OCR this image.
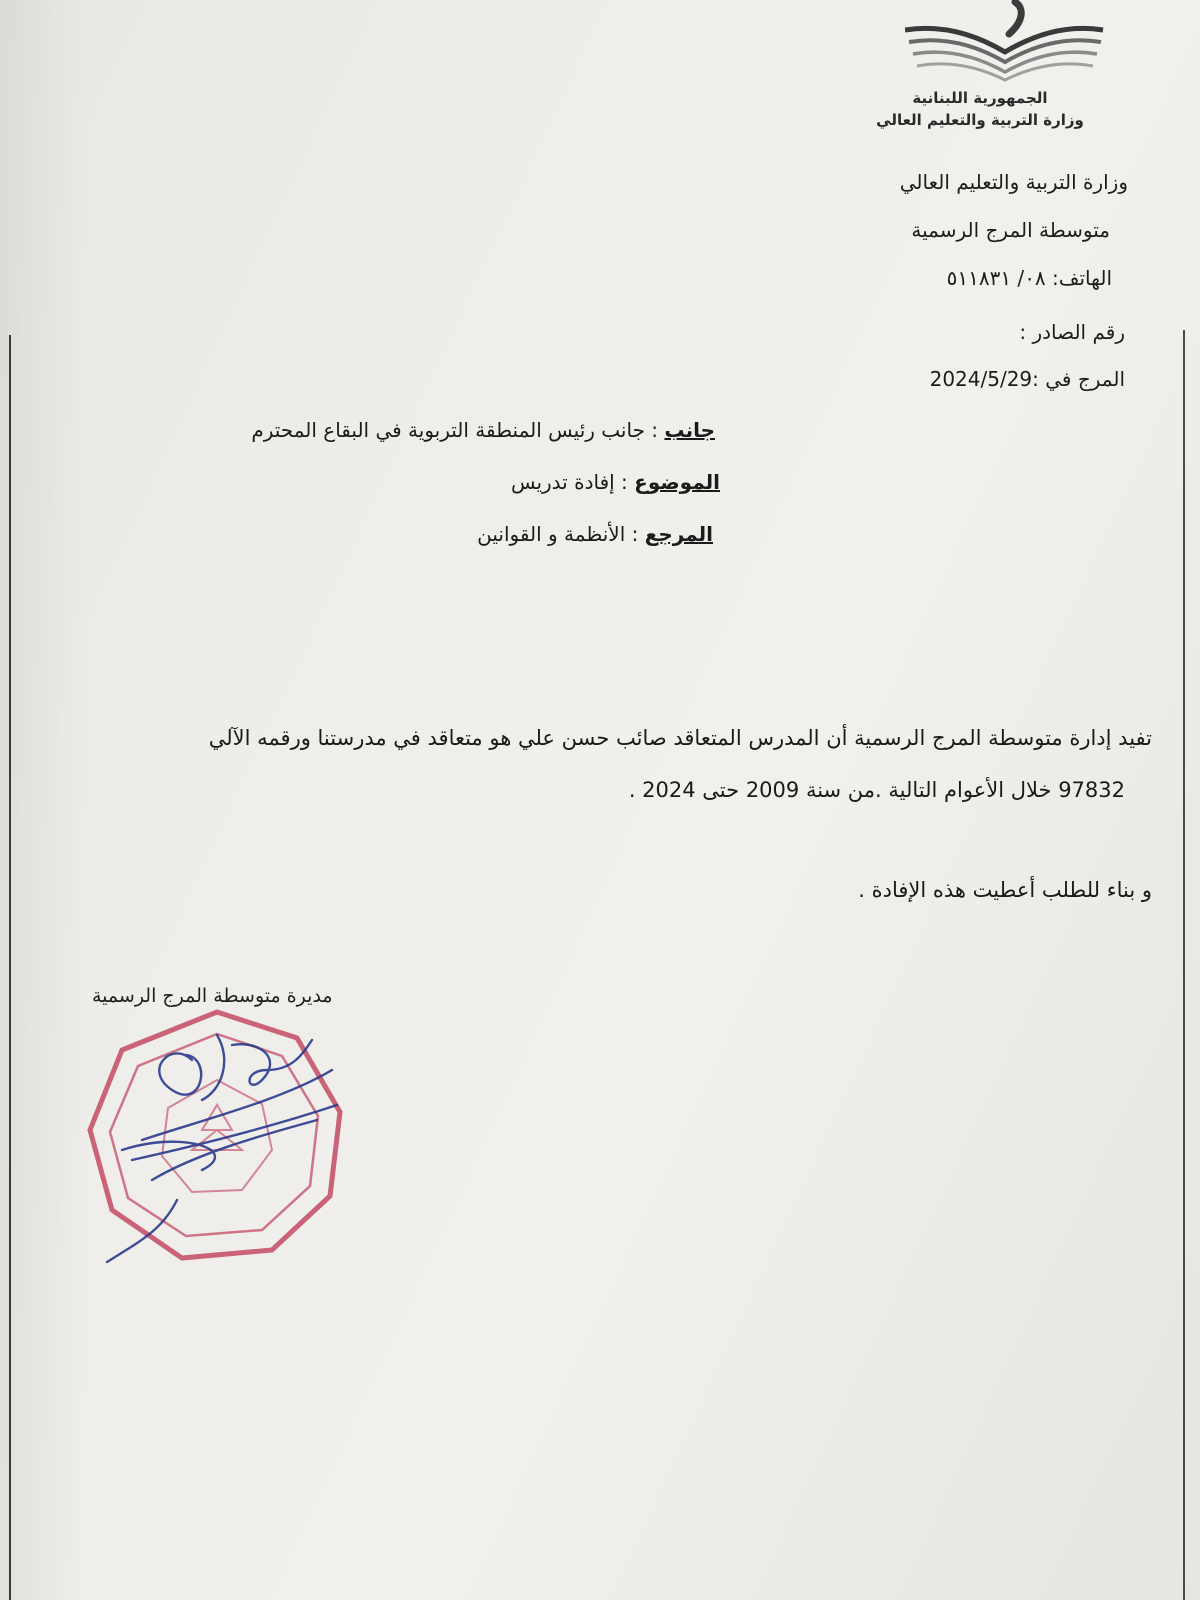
الجمهورية اللبنانية
وزارة التربية والتعليم العالي
وزارة التربية والتعليم العالي
متوسطة المرج الرسمية
الهاتف: ٠٨/ ٥١١٨٣١
رقم الصادر :
المرج في :2024/5/29
جانب : جانب رئيس المنطقة التربوية في البقاع المحترم
الموضوع : إفادة تدريس
المرجع : الأنظمة و القوانين
تفيد إدارة متوسطة المرج الرسمية أن المدرس المتعاقد صائب حسن علي هو متعاقد في مدرستنا ورقمه الآلي
97832 خلال الأعوام التالية .من سنة 2009 حتى 2024 .
و بناء للطلب أعطيت هذه الإفادة .
مديرة متوسطة المرج الرسمية
